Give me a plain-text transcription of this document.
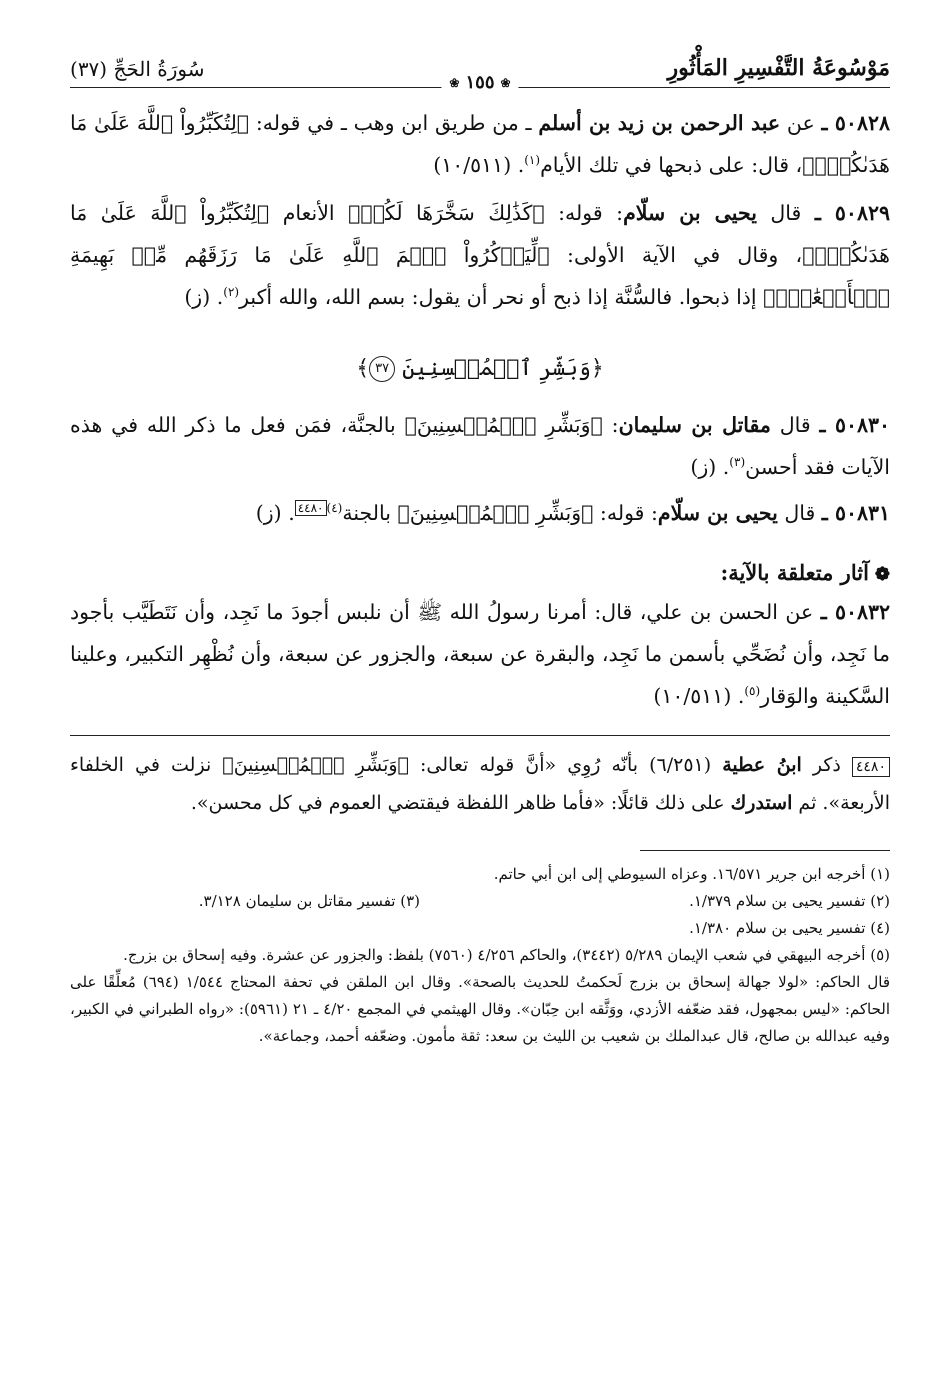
مَوْسُوعَةُ التَّفْسِيرِ المَأْثُورِ
❀
١٥٥
❀
سُورَةُ الحَجِّ (٣٧)

٥٠٨٢٨ ـ عن عبد الرحمن بن زيد بن أسلم ـ من طريق ابن وهب ـ في قوله: ﴿لِتُكَبِّرُواْ ٱللَّهَ عَلَىٰ مَا هَدَىٰكُمۡۗ﴾، قال: على ذبحها في تلك الأيام$^{(١)}$. (١٠/٥١١)

٥٠٨٢٩ ـ قال يحيى بن سلّام: قوله: ﴿كَذَٰلِكَ سَخَّرَهَا لَكُمۡ﴾ الأنعام ﴿لِتُكَبِّرُواْ ٱللَّهَ عَلَىٰ مَا هَدَىٰكُمۡۗ﴾، وقال في الآية الأولى: ﴿لِّيَذۡكُرُواْ ٱسۡمَ ٱللَّهِ عَلَىٰ مَا رَزَقَهُم مِّنۢ بَهِيمَةِ ٱلۡأَنۡعَٰمِۖ﴾ إذا ذبحوا. فالسُّنَّة إذا ذبح أو نحر أن يقول: بسم الله، والله أكبر$^{(٢)}$. (ز)

﴿وَبَشِّرِ ٱلۡمُحۡسِنِينَ ٣٧﴾

٥٠٨٣٠ ـ قال مقاتل بن سليمان: ﴿وَبَشِّرِ ٱلۡمُحۡسِنِينَ﴾ بالجنَّة، فمَن فعل ما ذكر الله في هذه الآيات فقد أحسن$^{(٣)}$. (ز)

٥٠٨٣١ ـ قال يحيى بن سلّام: قوله: ﴿وَبَشِّرِ ٱلۡمُحۡسِنِينَ﴾ بالجنة$^{(٤)}$٤٤٨٠. (ز)

❁آثار متعلقة بالآية:

٥٠٨٣٢ ـ عن الحسن بن علي، قال: أمرنا رسولُ الله ﷺ أن نلبس أجودَ ما نَجِد، وأن نَتَطَيَّب بأجود ما نَجِد، وأن نُضَحِّي بأسمن ما نَجِد، والبقرة عن سبعة، والجزور عن سبعة، وأن نُظْهِر التكبير، وعلينا السَّكينة والوَقار$^{(٥)}$. (١٠/٥١١)

٤٤٨٠ ذكر ابنُ عطية (٦/٢٥١) بأنّه رُوِي «أنَّ قوله تعالى: ﴿وَبَشِّرِ ٱلۡمُحۡسِنِينَ﴾ نزلت في الخلفاء الأربعة». ثم استدرك على ذلك قائلًا: «فأما ظاهر اللفظة فيقتضي العموم في كل محسن».

(١) أخرجه ابن جرير ١٦/٥٧١. وعزاه السيوطي إلى ابن أبي حاتم.

(٢) تفسير يحيى بن سلام ١/٣٧٩.
(٣) تفسير مقاتل بن سليمان ٣/١٢٨.

(٤) تفسير يحيى بن سلام ١/٣٨٠.

(٥) أخرجه البيهقي في شعب الإيمان ٥/٢٨٩ (٣٤٤٢)، والحاكم ٤/٢٥٦ (٧٥٦٠) بلفظ: والجزور عن عشرة. وفيه إسحاق بن بزرج.

قال الحاكم: «لولا جهالة إسحاق بن بزرج لَحكمتُ للحديث بالصحة». وقال ابن الملقن في تحفة المحتاج ١/٥٤٤ (٦٩٤) مُعلِّقًا على الحاكم: «ليس بمجهول، فقد ضعّفه الأزدي، ووَثَّقه ابن حِبّان». وقال الهيثمي في المجمع ٤/٢٠ ـ ٢١ (٥٩٦١): «رواه الطبراني في الكبير، وفيه عبدالله بن صالح، قال عبدالملك بن شعيب بن الليث بن سعد: ثقة مأمون. وضعّفه أحمد، وجماعة».
